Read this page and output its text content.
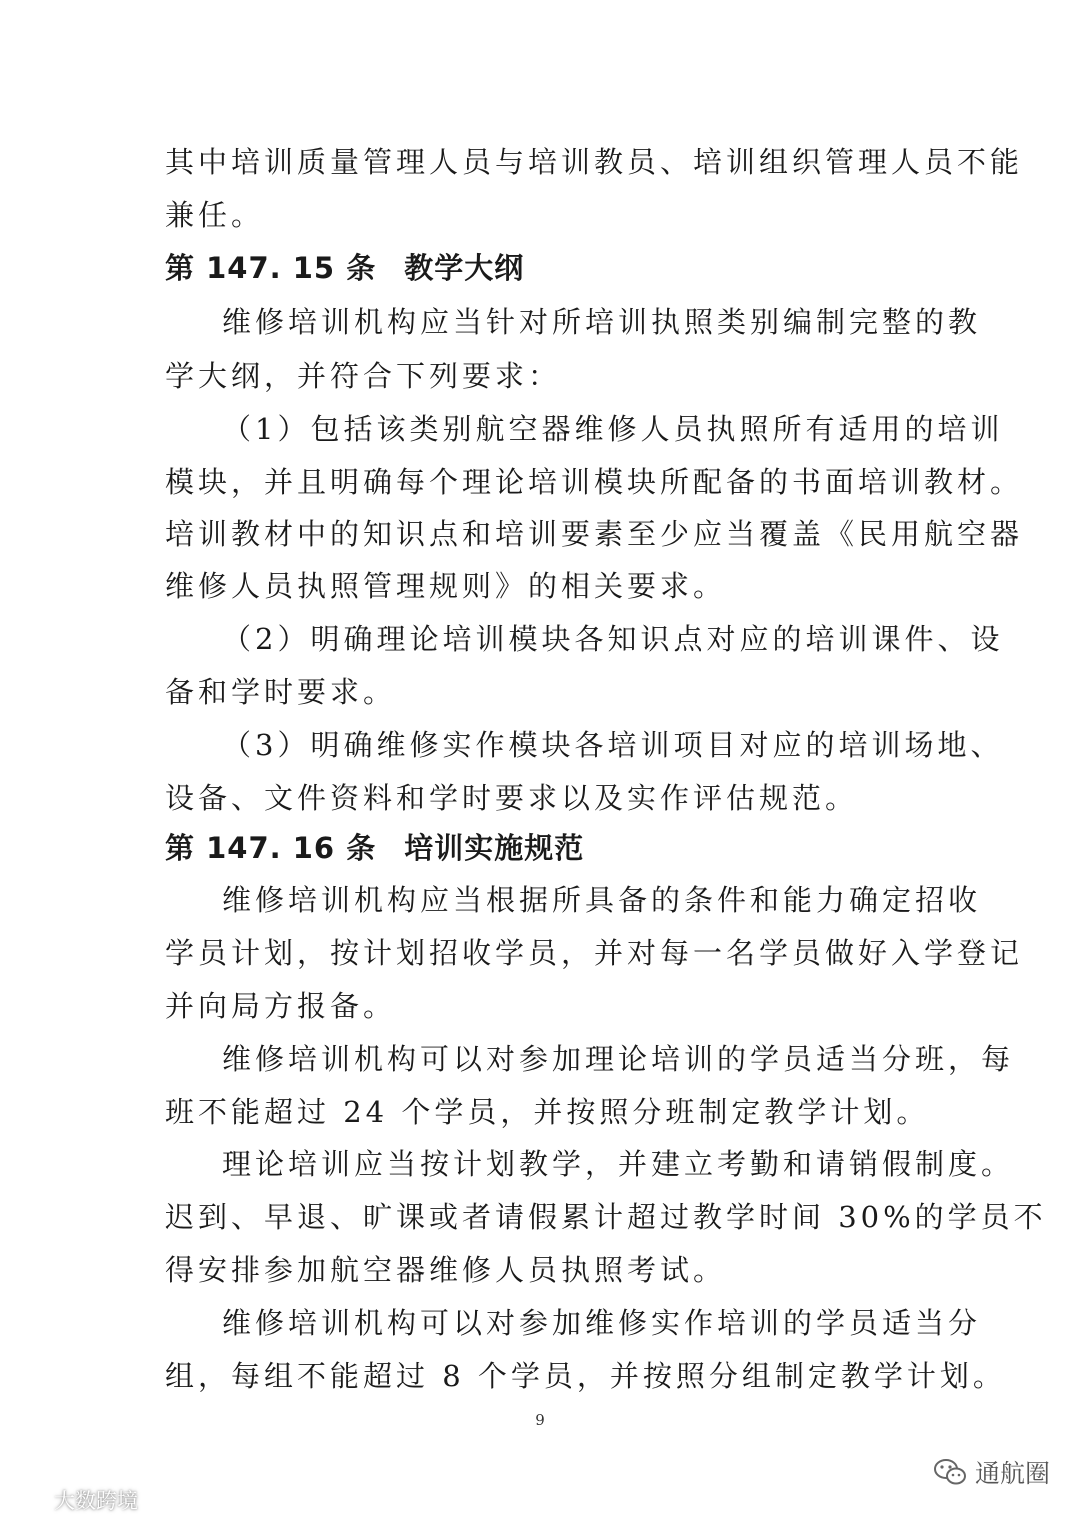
其中培训质量管理人员与培训教员、培训组织管理人员不能
兼任。
第 147. 15 条 教学大纲
维修培训机构应当针对所培训执照类别编制完整的教
学大纲，并符合下列要求：
（1）包括该类别航空器维修人员执照所有适用的培训
模块，并且明确每个理论培训模块所配备的书面培训教材。
培训教材中的知识点和培训要素至少应当覆盖《民用航空器
维修人员执照管理规则》的相关要求。
（2）明确理论培训模块各知识点对应的培训课件、设
备和学时要求。
（3）明确维修实作模块各培训项目对应的培训场地、
设备、文件资料和学时要求以及实作评估规范。
第 147. 16 条 培训实施规范
维修培训机构应当根据所具备的条件和能力确定招收
学员计划，按计划招收学员，并对每一名学员做好入学登记
并向局方报备。
维修培训机构可以对参加理论培训的学员适当分班，每
班不能超过 24 个学员，并按照分班制定教学计划。
理论培训应当按计划教学，并建立考勤和请销假制度。
迟到、早退、旷课或者请假累计超过教学时间 30%的学员不
得安排参加航空器维修人员执照考试。
维修培训机构可以对参加维修实作培训的学员适当分
组，每组不能超过 8 个学员，并按照分组制定教学计划。
9
通航圈
大数跨境
